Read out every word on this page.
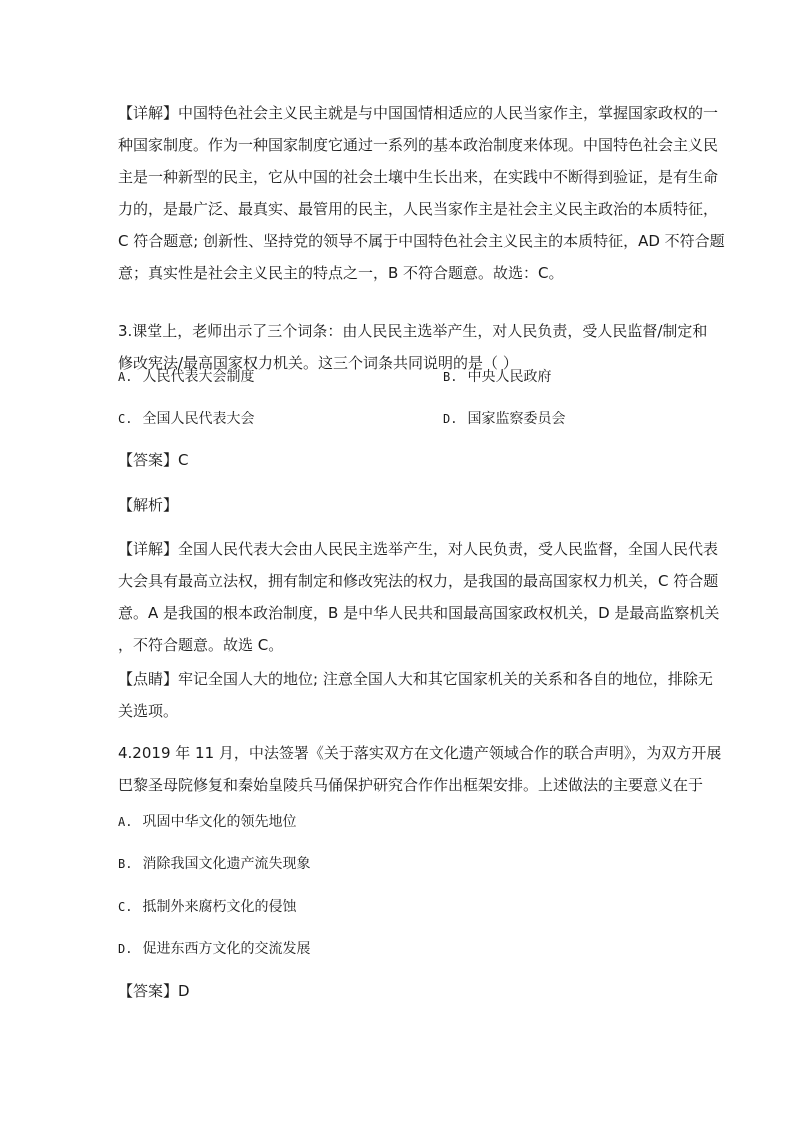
【详解】中国特色社会主义民主就是与中国国情相适应的人民当家作主，掌握国家政权的一
种国家制度。作为一种国家制度它通过一系列的基本政治制度来体现。中国特色社会主义民
主是一种新型的民主，它从中国的社会土壤中生长出来，在实践中不断得到验证，是有生命
力的，是最广泛、最真实、最管用的民主，人民当家作主是社会主义民主政治的本质特征，
C 符合题意; 创新性、坚持党的领导不属于中国特色社会主义民主的本质特征，AD 不符合题
意；真实性是社会主义民主的特点之一，B 不符合题意。故选：C。
3.课堂上，老师出示了三个词条：由人民民主选举产生，对人民负责，受人民监督/制定和
修改宪法/最高国家权力机关。这三个词条共同说明的是（ ）
A. 人民代表大会制度	B. 中央人民政府
C. 全国人民代表大会	D. 国家监察委员会
【答案】C
【解析】
【详解】全国人民代表大会由人民民主选举产生，对人民负责，受人民监督，全国人民代表
大会具有最高立法权，拥有制定和修改宪法的权力，是我国的最高国家权力机关，C 符合题
意。A 是我国的根本政治制度，B 是中华人民共和国最高国家政权机关，D 是最高监察机关
，不符合题意。故选 C。
【点睛】牢记全国人大的地位; 注意全国人大和其它国家机关的关系和各自的地位，排除无
关选项。
4.2019 年 11 月，中法签署《关于落实双方在文化遗产领域合作的联合声明》，为双方开展
巴黎圣母院修复和秦始皇陵兵马俑保护研究合作作出框架安排。上述做法的主要意义在于
A. 巩固中华文化的领先地位
B. 消除我国文化遗产流失现象
C. 抵制外来腐朽文化的侵蚀
D. 促进东西方文化的交流发展
【答案】D
